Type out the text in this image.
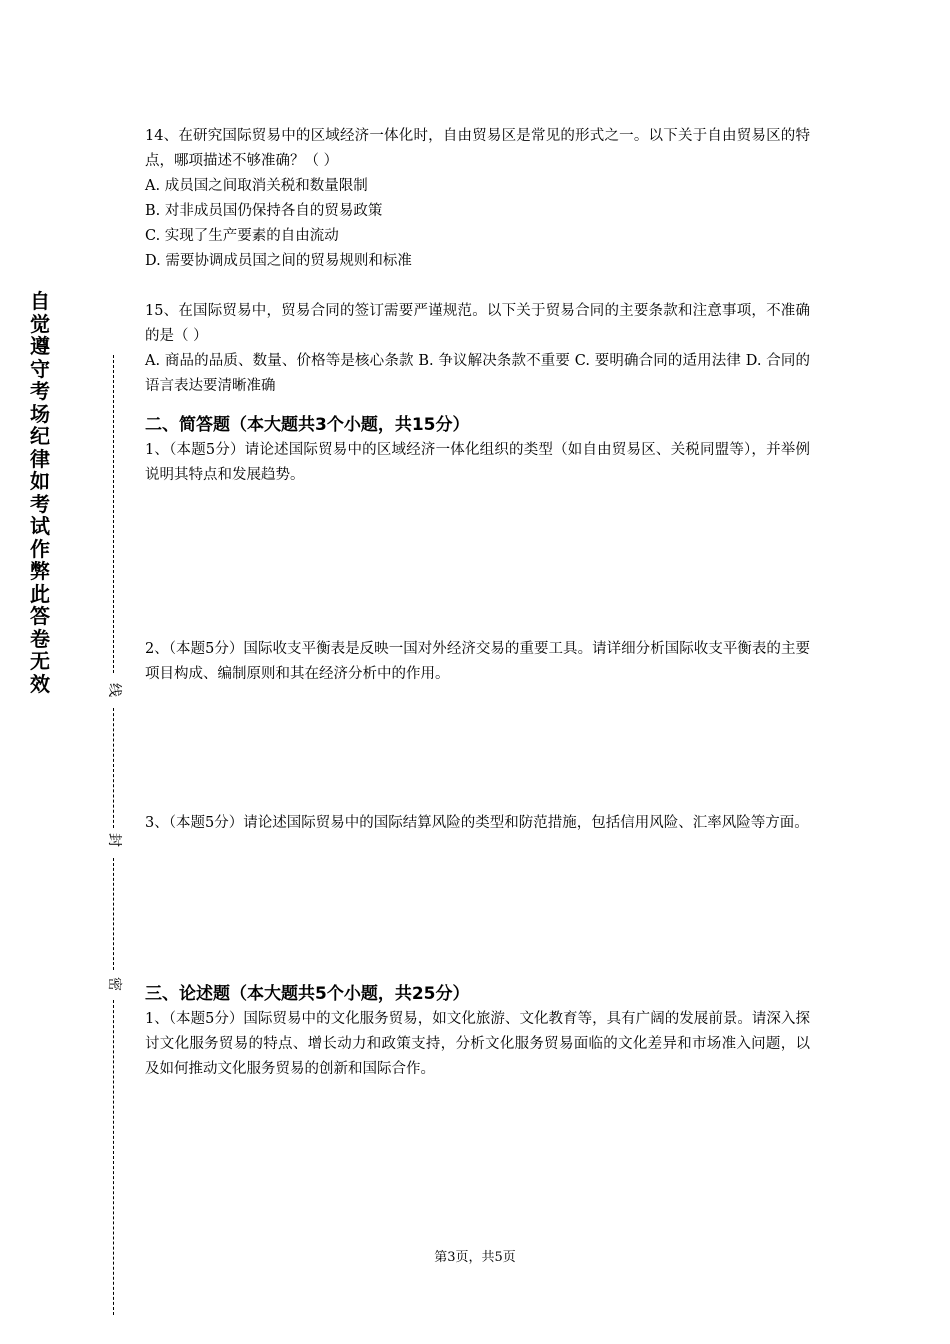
自觉遵守考场纪律如考试作弊此答卷无效	线
封
密
14、在研究国际贸易中的区域经济一体化时，自由贸易区是常见的形式之一。以下关于自由贸易区的特点，哪项描述不够准确？（ ）
A. 成员国之间取消关税和数量限制
B. 对非成员国仍保持各自的贸易政策
C. 实现了生产要素的自由流动
D. 需要协调成员国之间的贸易规则和标准
15、在国际贸易中，贸易合同的签订需要严谨规范。以下关于贸易合同的主要条款和注意事项，不准确的是（ ）
A. 商品的品质、数量、价格等是核心条款 B. 争议解决条款不重要 C. 要明确合同的适用法律 D. 合同的语言表达要清晰准确
二、简答题（本大题共3个小题，共15分）
1、（本题5分）请论述国际贸易中的区域经济一体化组织的类型（如自由贸易区、关税同盟等），并举例说明其特点和发展趋势。
2、（本题5分）国际收支平衡表是反映一国对外经济交易的重要工具。请详细分析国际收支平衡表的主要项目构成、编制原则和其在经济分析中的作用。
3、（本题5分）请论述国际贸易中的国际结算风险的类型和防范措施，包括信用风险、汇率风险等方面。
三、论述题（本大题共5个小题，共25分）
1、（本题5分）国际贸易中的文化服务贸易，如文化旅游、文化教育等，具有广阔的发展前景。请深入探讨文化服务贸易的特点、增长动力和政策支持，分析文化服务贸易面临的文化差异和市场准入问题，以及如何推动文化服务贸易的创新和国际合作。
第3页，共5页
